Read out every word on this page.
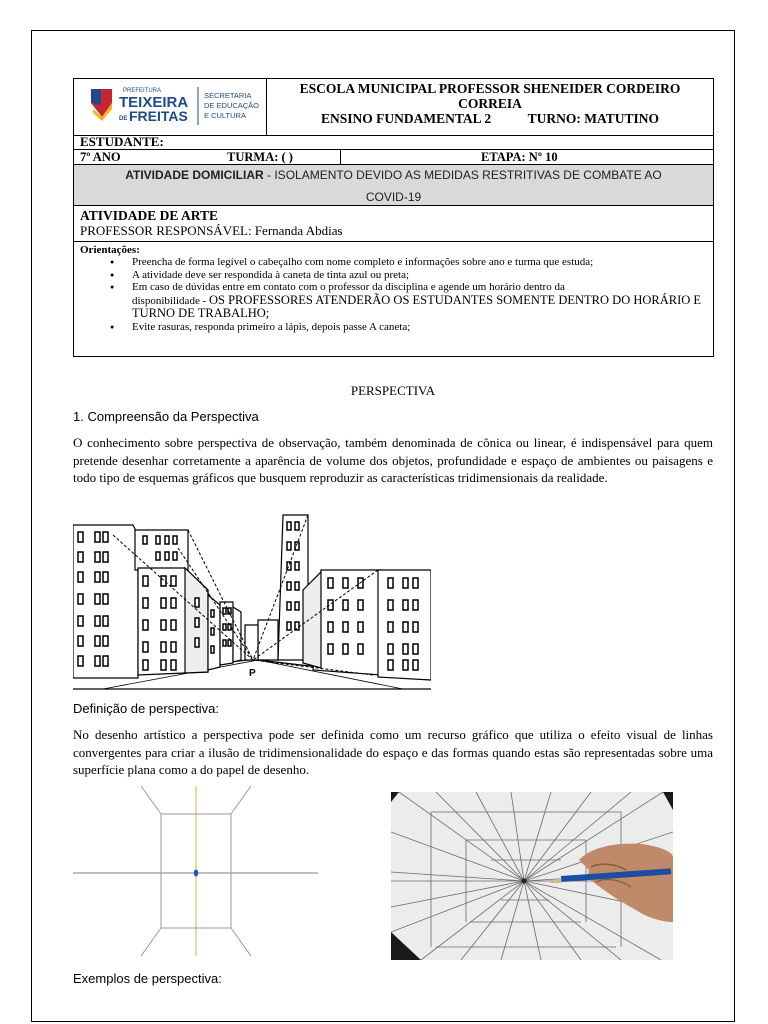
PREFEITURA
TEIXEIRA
DE FREITAS
SECRETARIA
DE EDUCAÇÃO
E CULTURA
ESCOLA MUNICIPAL PROFESSOR SHENEIDER CORDEIRO
CORREIA
ENSINO FUNDAMENTAL 2	TURNO: MATUTINO
ESTUDANTE:
7º ANO	TURMA: ( )	ETAPA: Nº 10
ATIVIDADE DOMICILIAR - ISOLAMENTO DEVIDO AS MEDIDAS RESTRITIVAS DE COMBATE AO
COVID-19
ATIVIDADE DE ARTE
PROFESSOR RESPONSÁVEL: Fernanda Abdias
Orientações:
● Preencha de forma legível o cabeçalho com nome completo e informações sobre ano e turma que estuda;
● A atividade deve ser respondida à caneta de tinta azul ou preta;
● Em caso de dúvidas entre em contato com o professor da disciplina e agende um horário dentro da
disponibilidade - OS PROFESSORES ATENDERÃO OS ESTUDANTES SOMENTE DENTRO DO HORÁRIO E TURNO DE TRABALHO;
● Evite rasuras, responda primeiro a lápis, depois passe A caneta;
PERSPECTIVA
1. Compreensão da Perspectiva
O conhecimento sobre perspectiva de observação, também denominada de cônica ou linear, é indispensável para quem pretende desenhar corretamente a aparência de volume dos objetos, profundidade e espaço de ambientes ou paisagens e todo tipo de esquemas gráficos que busquem reproduzir as características tridimensionais da realidade.
P
Definição de perspectiva:
No desenho artístico a perspectiva pode ser definida como um recurso gráfico que utiliza o efeito visual de linhas convergentes para criar a ilusão de tridimensionalidade do espaço e das formas quando estas são representadas sobre uma superfície plana como a do papel de desenho.
Exemplos de perspectiva:
